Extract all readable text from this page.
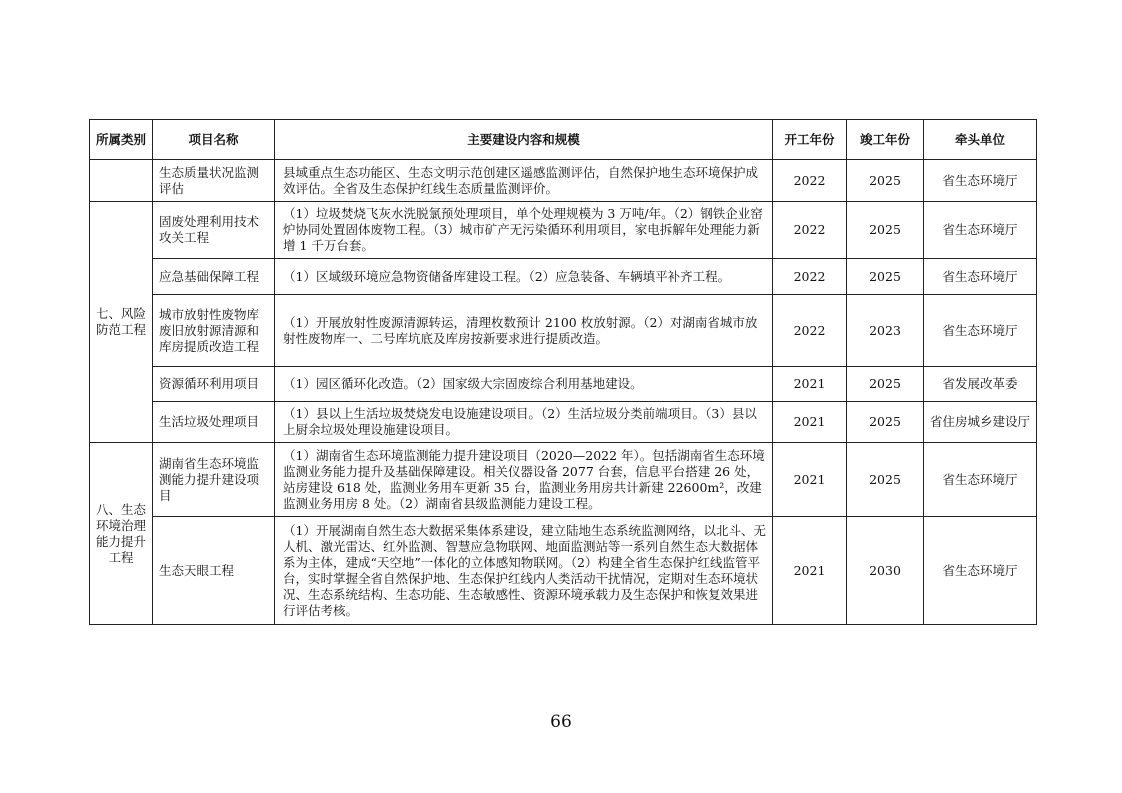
所属类别	项目名称	主要建设内容和规模	开工年份	竣工年份	牵头单位
	生态质量状况监测评估	县域重点生态功能区、生态文明示范创建区遥感监测评估，自然保护地生态环境保护成效评估。全省及生态保护红线生态质量监测评价。	2022	2025	省生态环境厅
七、风险防范工程	固废处理利用技术攻关工程	（1）垃圾焚烧飞灰水洗脱氯预处理项目，单个处理规模为 3 万吨/年。（2）钢铁企业窑炉协同处置固体废物工程。（3）城市矿产无污染循环利用项目，家电拆解年处理能力新增 1 千万台套。	2022	2025	省生态环境厅
	应急基础保障工程	（1）区域级环境应急物资储备库建设工程。（2）应急装备、车辆填平补齐工程。	2022	2025	省生态环境厅
	城市放射性废物库废旧放射源清源和库房提质改造工程	（1）开展放射性废源清源转运，清理枚数预计 2100 枚放射源。（2）对湖南省城市放射性废物库一、二号库坑底及库房按新要求进行提质改造。	2022	2023	省生态环境厅
	资源循环利用项目	（1）园区循环化改造。（2）国家级大宗固废综合利用基地建设。	2021	2025	省发展改革委
	生活垃圾处理项目	（1）县以上生活垃圾焚烧发电设施建设项目。（2）生活垃圾分类前端项目。（3）县以上厨余垃圾处理设施建设项目。	2021	2025	省住房城乡建设厅
八、生态环境治理能力提升工程	湖南省生态环境监测能力提升建设项目	（1）湖南省生态环境监测能力提升建设项目（2020—2022 年）。包括湖南省生态环境监测业务能力提升及基础保障建设。相关仪器设备 2077 台套，信息平台搭建 26 处，站房建设 618 处，监测业务用车更新 35 台，监测业务用房共计新建 22600m²，改建监测业务用房 8 处。（2）湖南省县级监测能力建设工程。	2021	2025	省生态环境厅
	生态天眼工程	（1）开展湖南自然生态大数据采集体系建设，建立陆地生态系统监测网络，以北斗、无人机、激光雷达、红外监测、智慧应急物联网、地面监测站等一系列自然生态大数据体系为主体，建成“天空地”一体化的立体感知物联网。（2）构建全省生态保护红线监管平台，实时掌握全省自然保护地、生态保护红线内人类活动干扰情况，定期对生态环境状况、生态系统结构、生态功能、生态敏感性、资源环境承载力及生态保护和恢复效果进行评估考核。	2021	2030	省生态环境厅
66
